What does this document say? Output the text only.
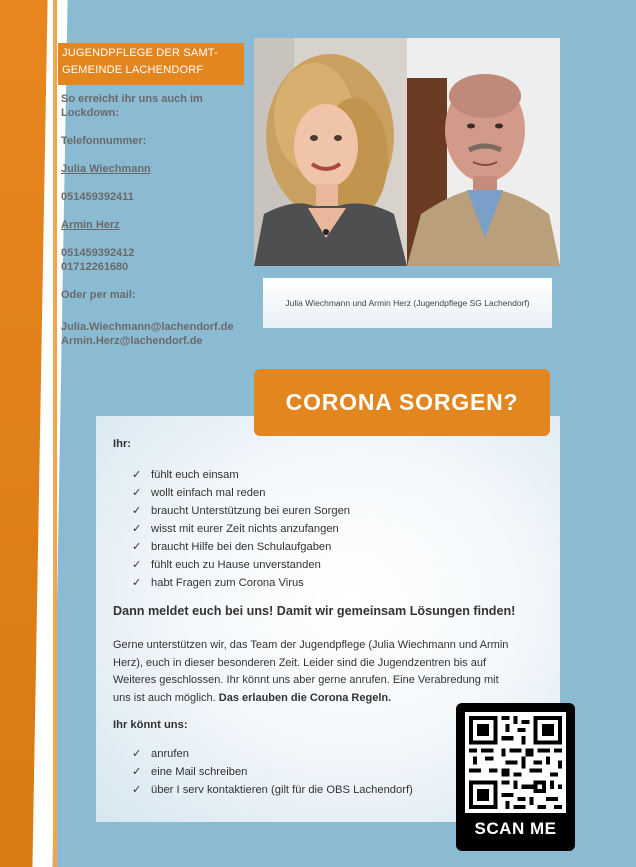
JUGENDPFLEGE DER SAMT-
GEMEINDE LACHENDORF
So erreicht ihr uns auch im
Lockdown:
Telefonnummer:
Julia Wiechmann
051459392411
Armin Herz
051459392412
01712261680
Oder per mail:
Julia.Wiechmann@lachendorf.de
Armin.Herz@lachendorf.de
Julia Wiechmann und Armin Herz (Jugendpflege SG Lachendorf)
CORONA SORGEN?
Ihr:
✓ fühlt euch einsam
✓ wollt einfach mal reden
✓ braucht Unterstützung bei euren Sorgen
✓ wisst mit eurer Zeit nichts anzufangen
✓ braucht Hilfe bei den Schulaufgaben
✓ fühlt euch zu Hause unverstanden
✓ habt Fragen zum Corona Virus
Dann meldet euch bei uns! Damit wir gemeinsam Lösungen finden!
Gerne unterstützen wir, das Team der Jugendpflege (Julia Wiechmann und Armin
Herz), euch in dieser besonderen Zeit. Leider sind die Jugendzentren bis auf
Weiteres geschlossen. Ihr könnt uns aber gerne anrufen. Eine Verabredung mit
uns ist auch möglich. Das erlauben die Corona Regeln.
Ihr könnt uns:
✓ anrufen
✓ eine Mail schreiben
✓ über I serv kontaktieren (gilt für die OBS Lachendorf)
SCAN ME
